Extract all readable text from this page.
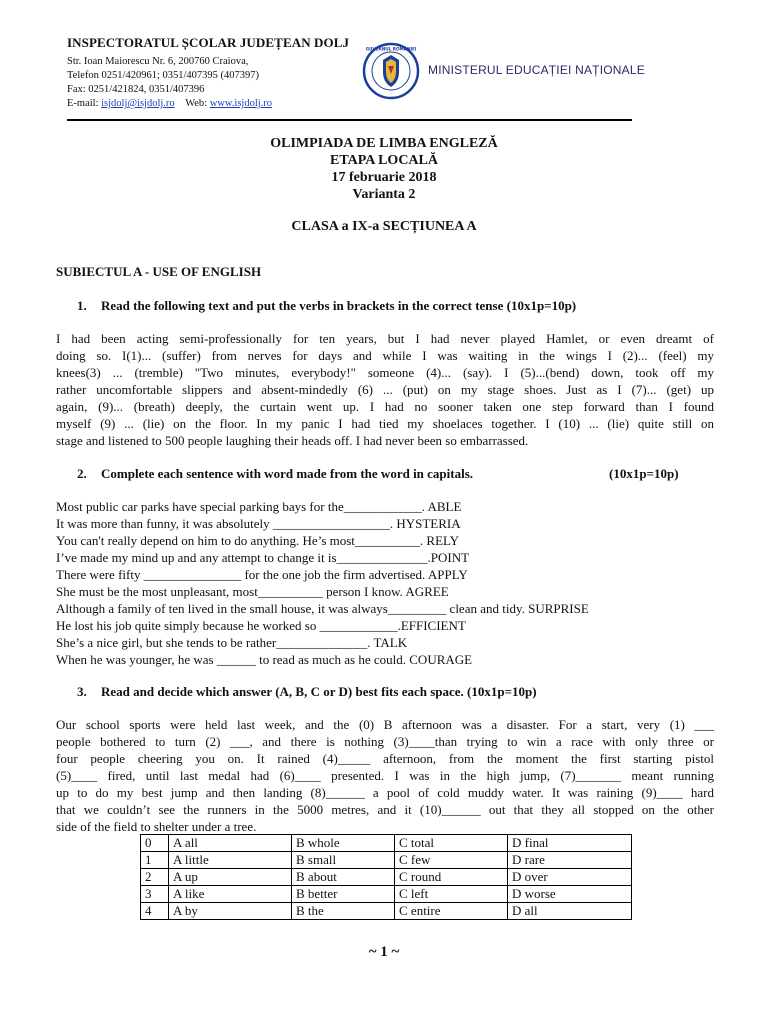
INSPECTORATUL ȘCOLAR JUDEȚEAN DOLJ
Str. Ioan Maiorescu Nr. 6, 200760 Craiova,
Telefon 0251/420961; 0351/407395 (407397)
Fax: 0251/421824, 0351/407396
E-mail: isjdolj@isjdolj.ro Web: www.isjdolj.ro
GUVERNUL ROMÂNIEI
MINISTERUL EDUCAȚIEI NAȚIONALE
OLIMPIADA DE LIMBA ENGLEZĂ
ETAPA LOCALĂ
17 februarie 2018
Varianta 2
CLASA a IX-a SECȚIUNEA A
SUBIECTUL A - USE OF ENGLISH
1. Read the following text and put the verbs in brackets in the correct tense (10x1p=10p)
I had been acting semi-professionally for ten years, but I had never played Hamlet, or even dreamt of
doing so. I(1)... (suffer) from nerves for days and while I was waiting in the wings I (2)... (feel) my
knees(3) ... (tremble) "Two minutes, everybody!" someone (4)... (say). I (5)...(bend) down, took off my
rather uncomfortable slippers and absent-mindedly (6) ... (put) on my stage shoes. Just as I (7)... (get) up
again, (9)... (breath) deeply, the curtain went up. I had no sooner taken one step forward than I found
myself (9) ... (lie) on the floor. In my panic I had tied my shoelaces together. I (10) ... (lie) quite still on
stage and listened to 500 people laughing their heads off. I had never been so embarrassed.
2. Complete each sentence with word made from the word in capitals.	(10x1p=10p)
Most public car parks have special parking bays for the____________. ABLE
It was more than funny, it was absolutely __________________. HYSTERIA
You can't really depend on him to do anything. He’s most__________. RELY
I’ve made my mind up and any attempt to change it is______________.POINT
There were fifty _______________ for the one job the firm advertised. APPLY
She must be the most unpleasant, most__________ person I know. AGREE
Although a family of ten lived in the small house, it was always_________ clean and tidy. SURPRISE
He lost his job quite simply because he worked so ____________.EFFICIENT
She’s a nice girl, but she tends to be rather______________. TALK
When he was younger, he was ______ to read as much as he could. COURAGE
3. Read and decide which answer (A, B, C or D) best fits each space. (10x1p=10p)
Our school sports were held last week, and the (0) B afternoon was a disaster. For a start, very (1) ___
people bothered to turn (2) ___, and there is nothing (3)____than trying to win a race with only three or
four people cheering you on. It rained (4)_____ afternoon, from the moment the first starting pistol
(5)____ fired, until last medal had (6)____ presented. I was in the high jump, (7)_______ meant running
up to do my best jump and then landing (8)______ a pool of cold muddy water. It was raining (9)____ hard
that we couldn’t see the runners in the 5000 metres, and it (10)______ out that they all stopped on the other
side of the field to shelter under a tree.
0	A all	B whole	C total	D final
1	A little	B small	C few	D rare
2	A up	B about	C round	D over
3	A like	B better	C left	D worse
4	A by	B the	C entire	D all
~ 1 ~
